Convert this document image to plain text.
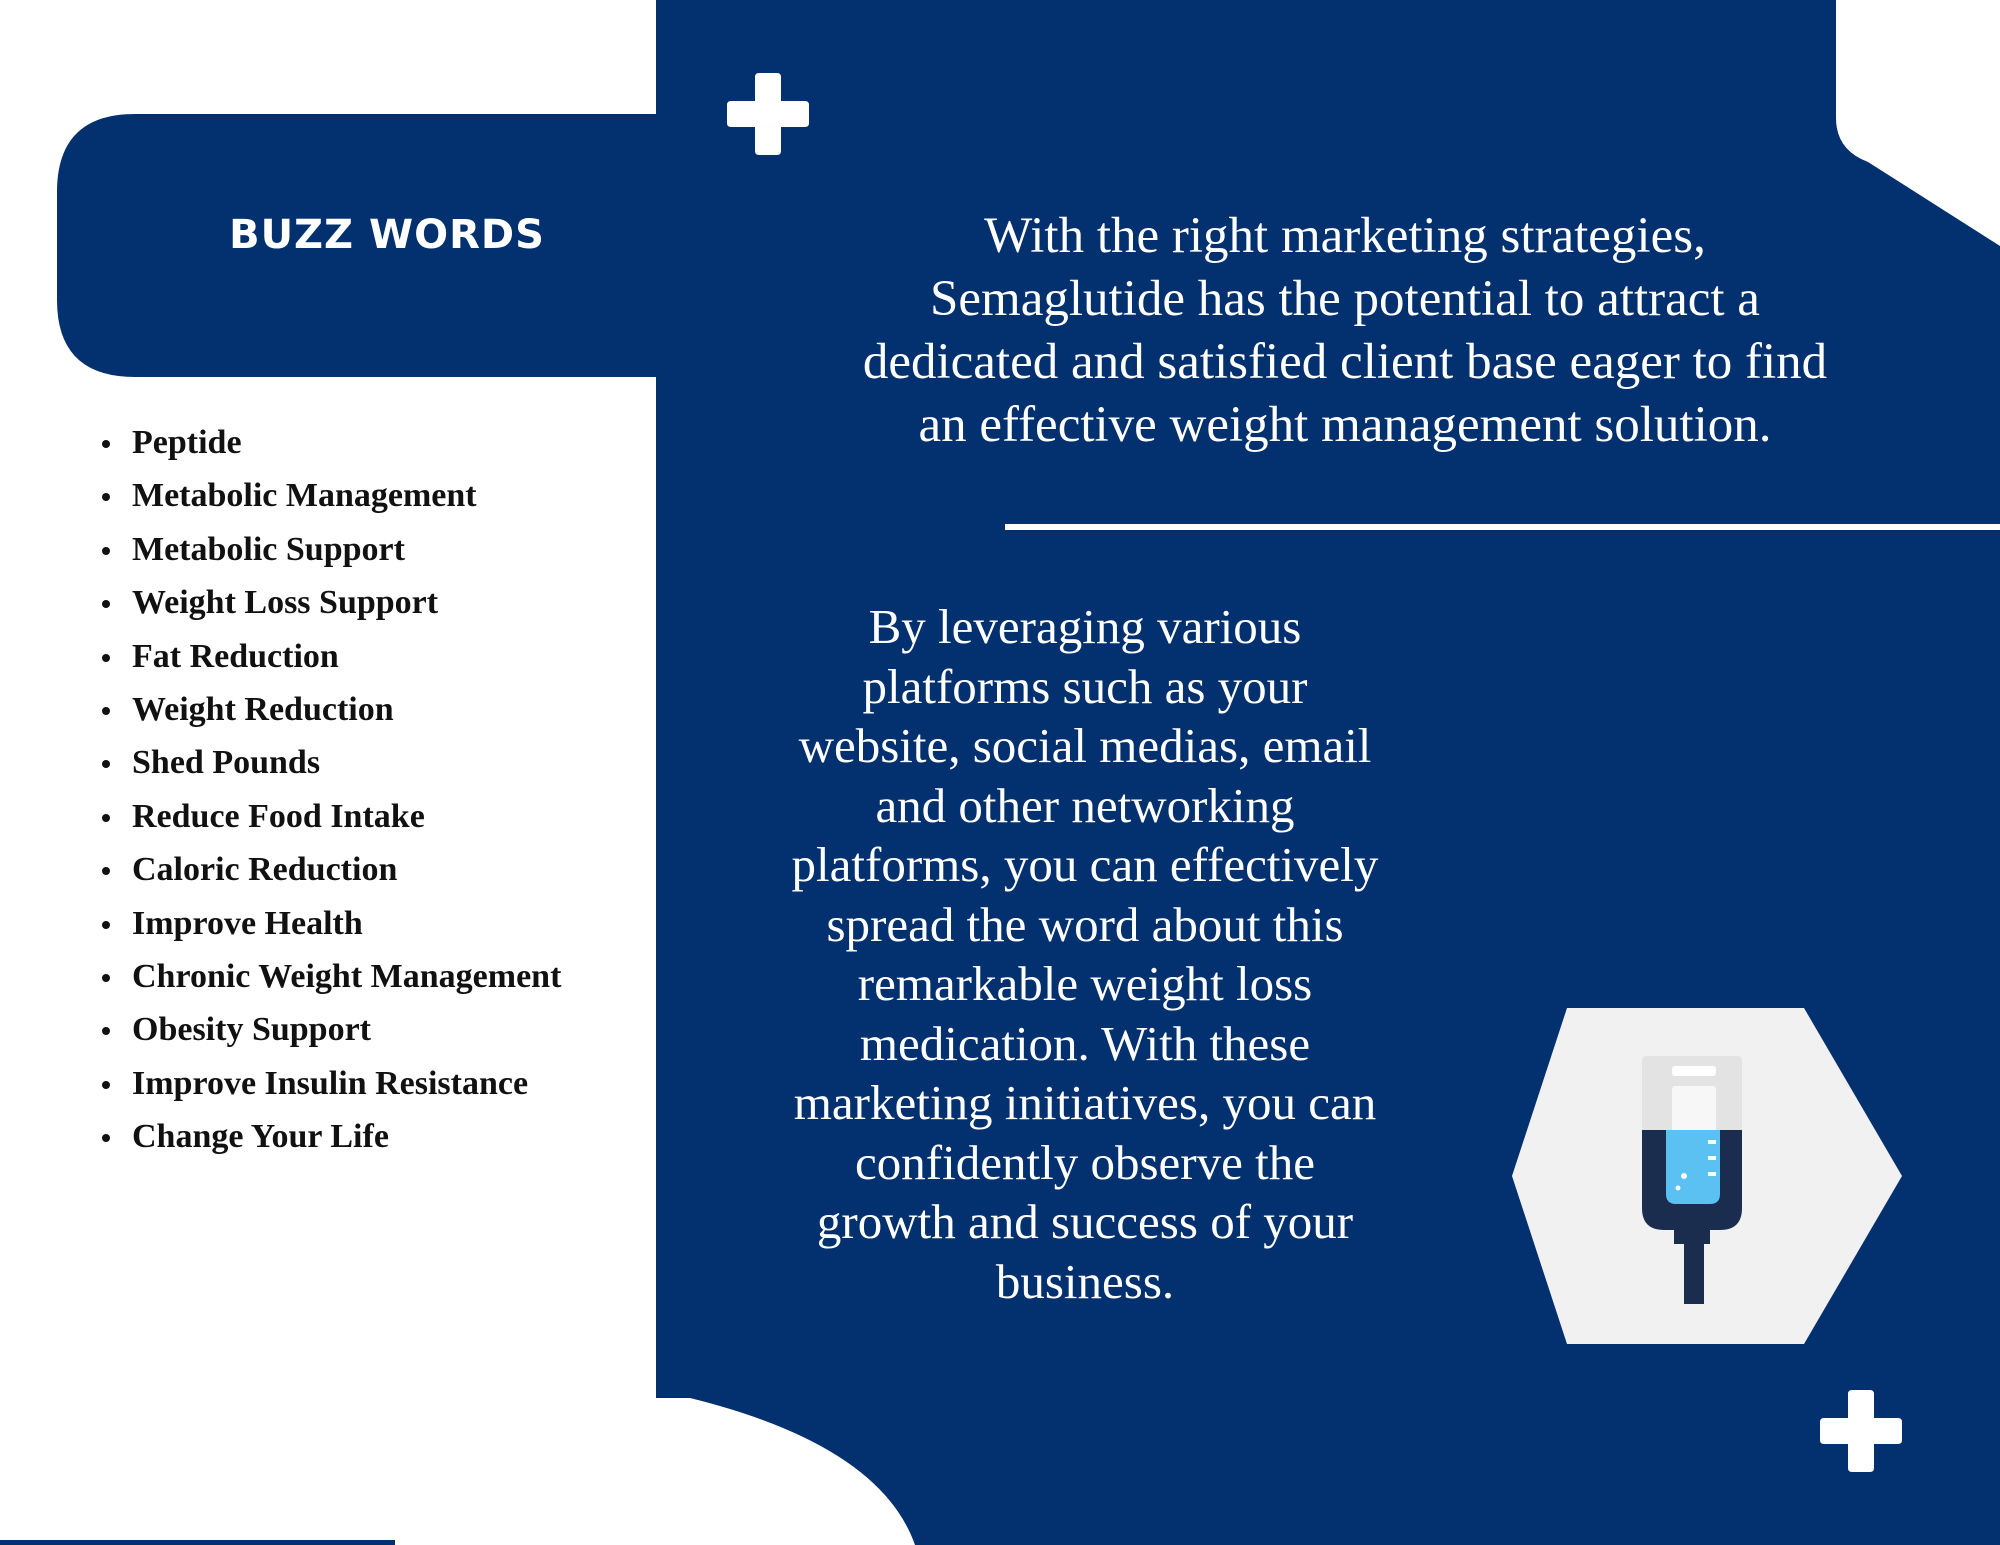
BUZZ WORDS
Peptide
Metabolic Management
Metabolic Support
Weight Loss Support
Fat Reduction
Weight Reduction
Shed Pounds
Reduce Food Intake
Caloric Reduction
Improve Health
Chronic Weight Management
Obesity Support
Improve Insulin Resistance
Change Your Life

With the right marketing strategies,
Semaglutide has the potential to attract a
dedicated and satisfied client base eager to find
an effective weight management solution.

By leveraging various
platforms such as your
website, social medias, email
and other networking
platforms, you can effectively
spread the word about this
remarkable weight loss
medication. With these
marketing initiatives, you can
confidently observe the
growth and success of your
business.
